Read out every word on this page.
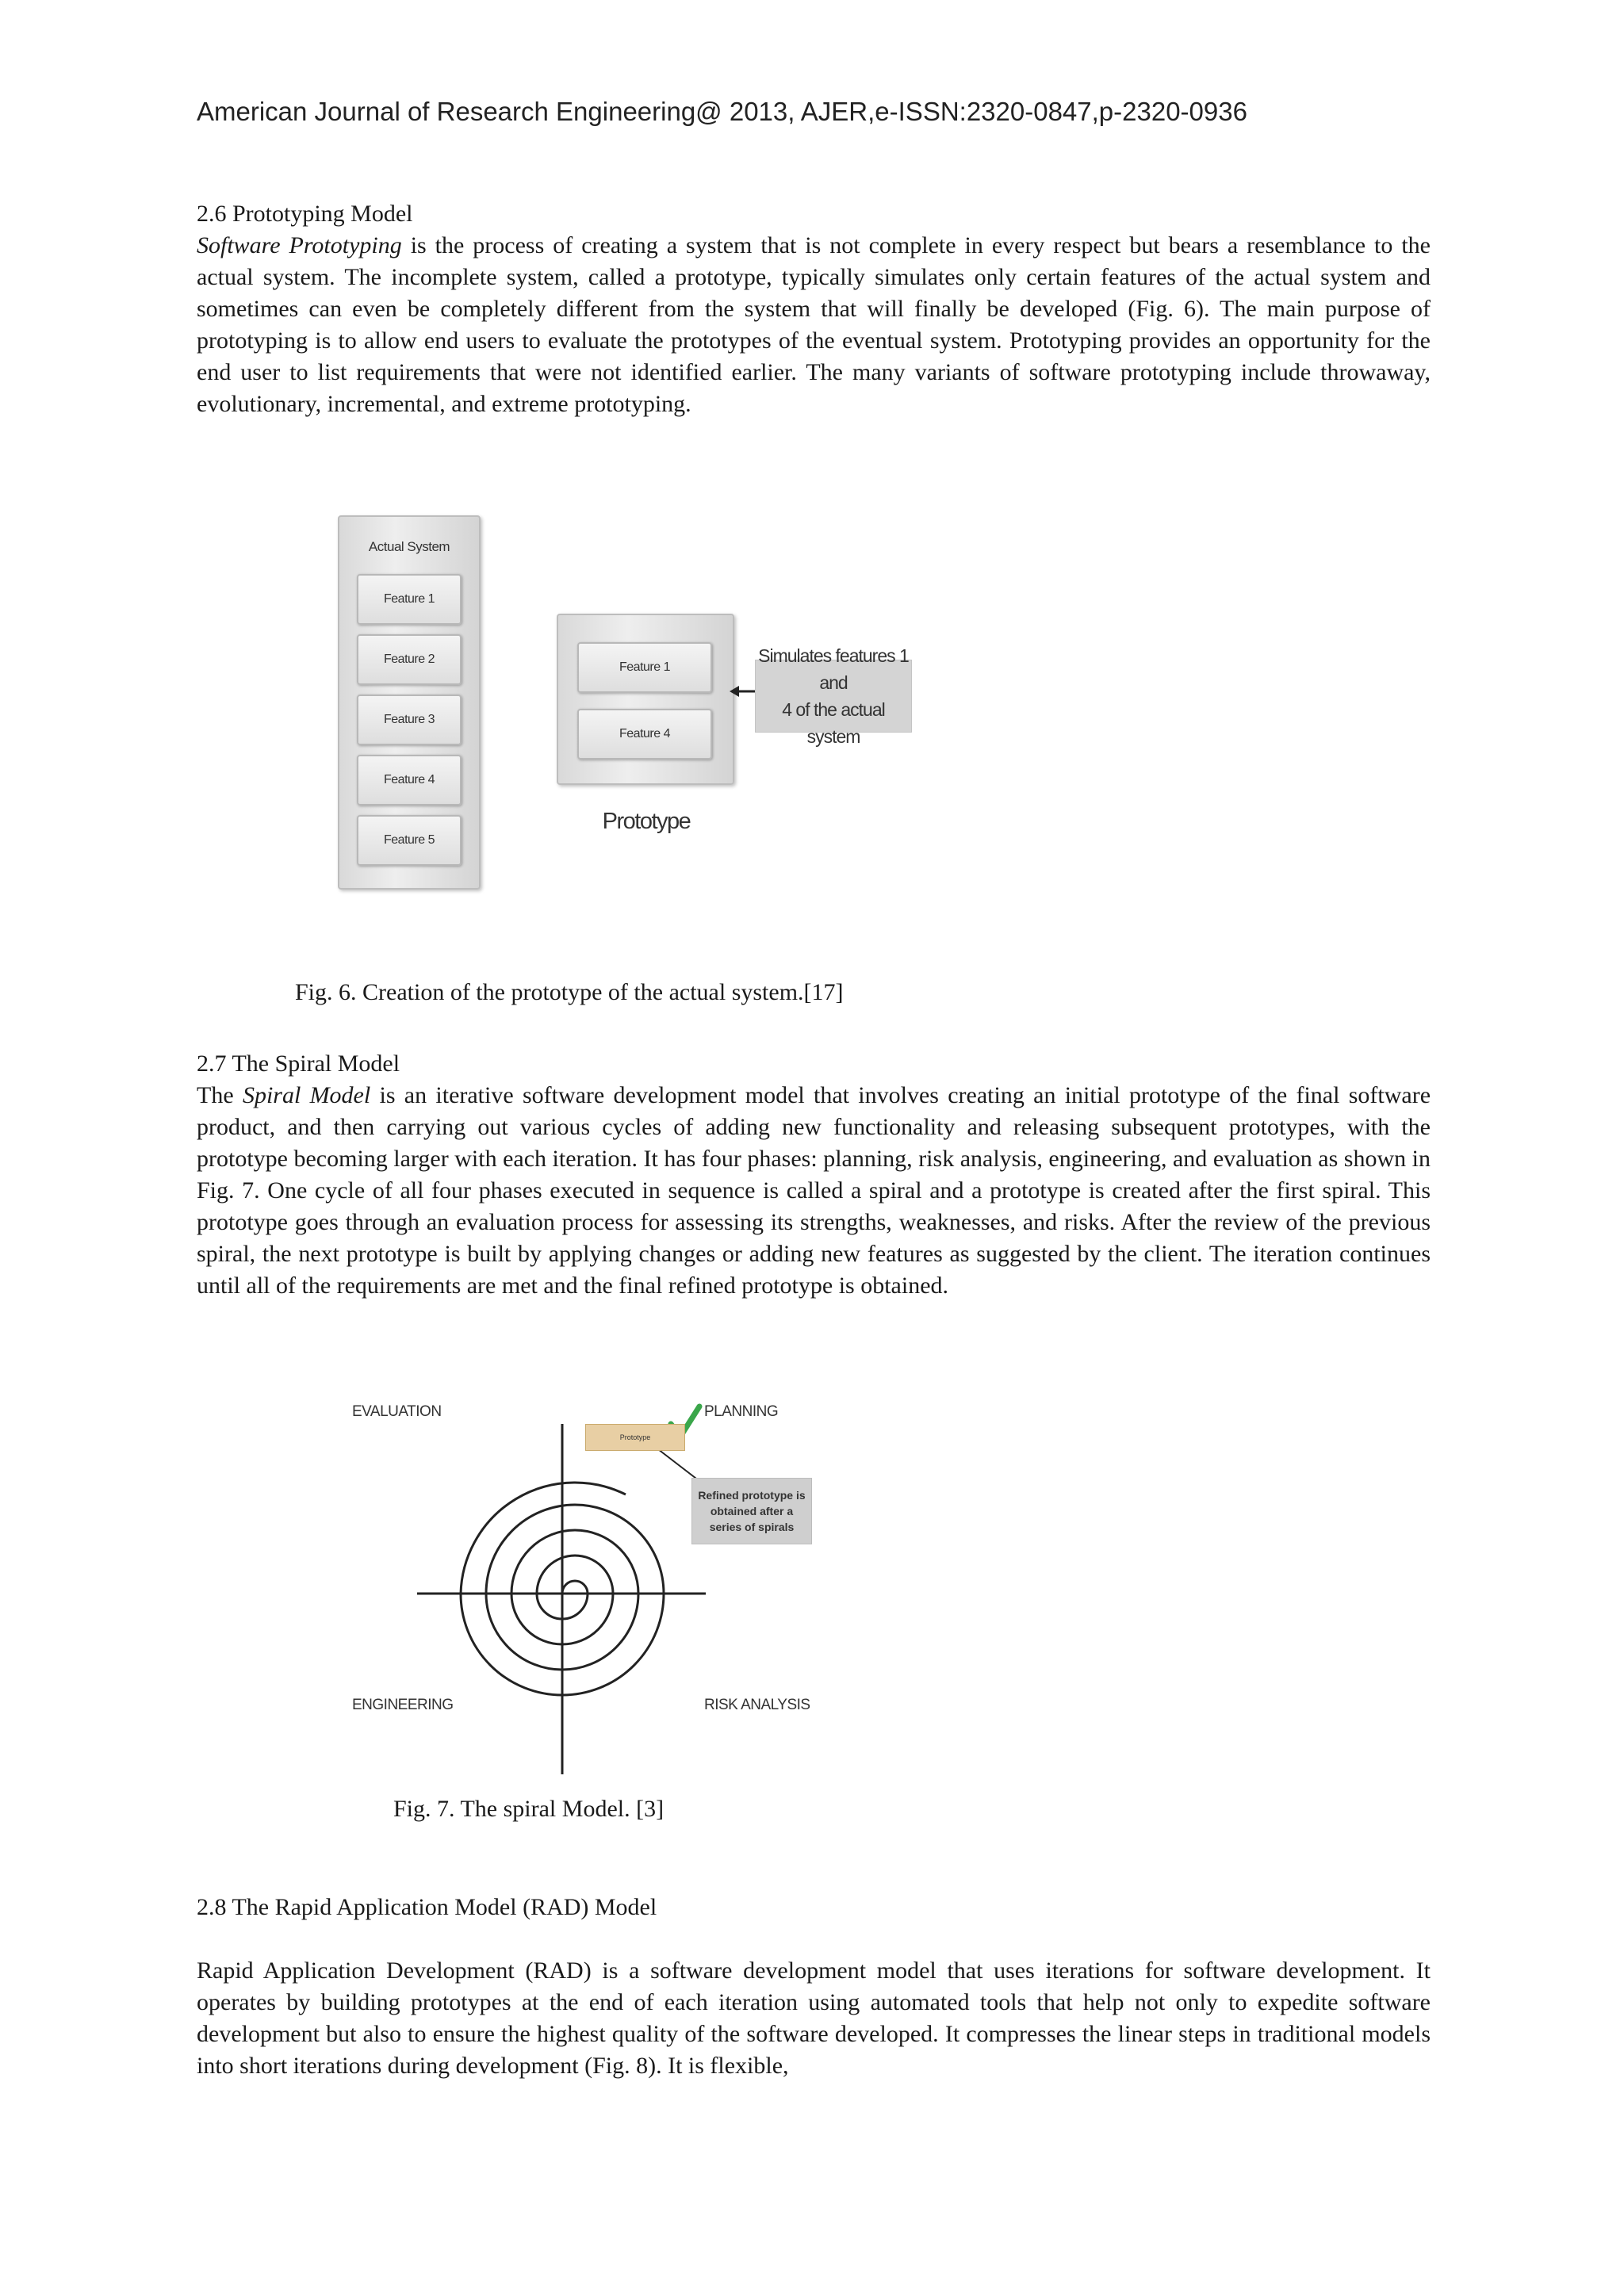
American Journal of Research Engineering@ 2013, AJER,e-ISSN:2320-0847,p-2320-0936
2.6 Prototyping Model

Software Prototyping is the process of creating a system that is not complete in every respect but bears a resemblance to the actual system. The incomplete system, called a prototype, typically simulates only certain features of the actual system and sometimes can even be completely different from the system that will finally be developed (Fig. 6). The main purpose of prototyping is to allow end users to evaluate the prototypes of the eventual system. Prototyping provides an opportunity for the end user to list requirements that were not identified earlier. The many variants of software prototyping include throwaway, evolutionary, incremental, and extreme prototyping.

Actual System
Feature 1
Feature 2
Feature 3
Feature 4
Feature 5
Feature 1
Feature 4
Simulates features 1 and
4 of the actual system
Prototype
Fig. 6. Creation of the prototype of the actual system.[17]
2.7 The Spiral Model

The Spiral Model is an iterative software development model that involves creating an initial prototype of the final software product, and then carrying out various cycles of adding new functionality and releasing subsequent prototypes, with the prototype becoming larger with each iteration. It has four phases: planning, risk analysis, engineering, and evaluation as shown in Fig. 7. One cycle of all four phases executed in sequence is called a spiral and a prototype is created after the first spiral. This prototype goes through an evaluation process for assessing its strengths, weaknesses, and risks. After the review of the previous spiral, the next prototype is built by applying changes or adding new features as suggested by the client. The iteration continues until all of the requirements are met and the final refined prototype is obtained.

EVALUATION	PLANNING
ENGINEERING	RISK ANALYSIS
Prototype
Refined prototype is
obtained after a
series of spirals
Fig. 7. The spiral Model. [3]
2.8 The Rapid Application Model (RAD) Model

Rapid Application Development (RAD) is a software development model that uses iterations for software development. It operates by building prototypes at the end of each iteration using automated tools that help not only to expedite software development but also to ensure the highest quality of the software developed. It compresses the linear steps in traditional models into short iterations during development (Fig. 8). It is flexible,
